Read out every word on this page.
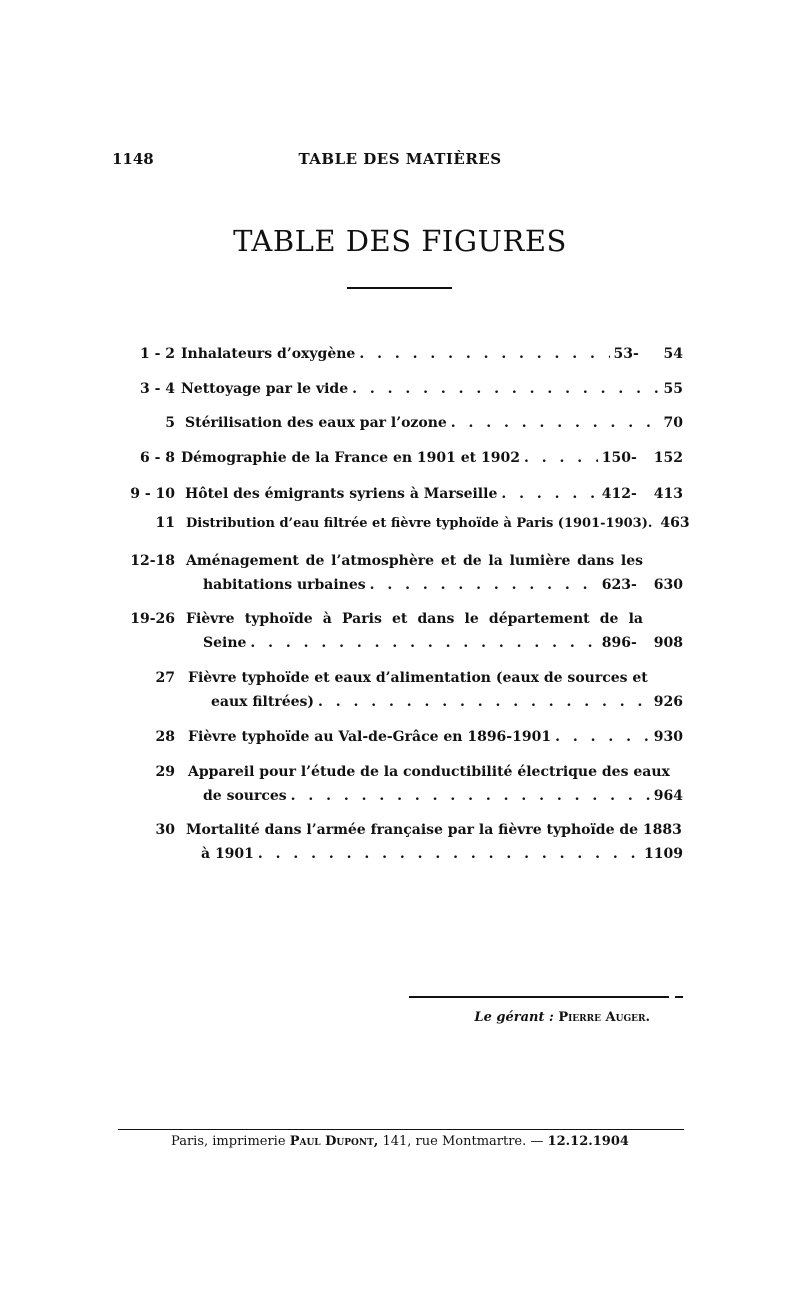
1148	TABLE DES MATIÈRES
TABLE DES FIGURES
1 - 2 Inhalateurs d’oxygène . . .	53-	54
3 - 4 Nettoyage par le vide . . .	55
5 Stérilisation des eaux par l’ozone . . .	70
6 - 8 Démographie de la France en 1901 et 1902 . . .	150-	152
9 - 10 Hôtel des émigrants syriens à Marseille . . .	412-	413
11 Distribution d’eau filtrée et fièvre typhoïde à Paris (1901-1903). 463
12-18 Aménagement de l’atmosphère et de la lumière dans les
habitations urbaines . . .	623-	630
19-26 Fièvre typhoïde à Paris et dans le département de la
Seine . . .	896-	908
27 Fièvre typhoïde et eaux d’alimentation (eaux de sources et
eaux filtrées) . . .	926
28 Fièvre typhoïde au Val-de-Grâce en 1896-1901 . . .	930
29 Appareil pour l’étude de la conductibilité électrique des eaux
de sources . . .	964
30 Mortalité dans l’armée française par la fièvre typhoïde de 1883
à 1901 . . .	1109
Le gérant : Pierre Auger.
Paris, imprimerie Paul Dupont, 141, rue Montmartre. — 12.12.1904
